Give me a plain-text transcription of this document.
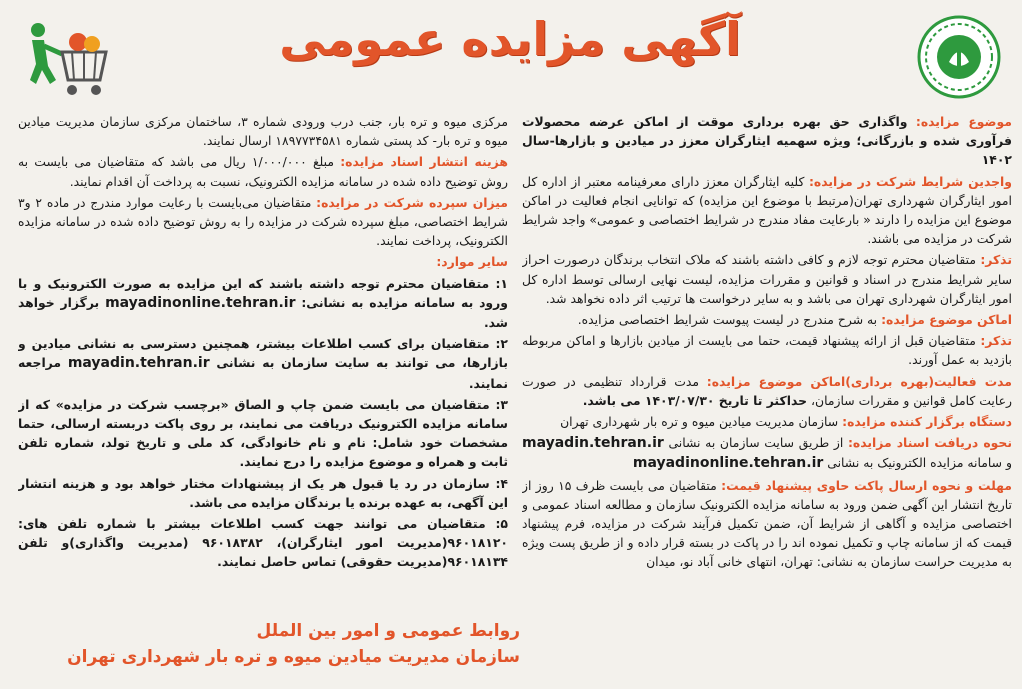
آگهی مزایده عمومی

موضوع مزایده: واگذاری حق بهره برداری موقت از اماکن عرضه محصولات فرآوری شده و بازرگانی؛ ویژه سهمیه ایثارگران معزز در میادین و بازارها-سال ۱۴۰۲

واجدین شرایط شرکت در مزایده: کلیه ایثارگران معزز دارای معرفینامه معتبر از اداره کل امور ایثارگران شهرداری تهران(مرتبط با موضوع این مزایده) که توانایی انجام فعالیت در اماکن موضوع این مزایده را دارند « بارعایت مفاد مندرج در شرایط اختصاصی و عمومی» واجد شرایط شرکت در مزایده می باشند.

تذکر: متقاضیان محترم توجه لازم و کافی داشته باشند که ملاک انتخاب برندگان درصورت احراز سایر شرایط مندرج در اسناد و قوانین و مقررات مزایده، لیست نهایی ارسالی توسط اداره کل امور ایثارگران شهرداری تهران می باشد و به سایر درخواست ها ترتیب اثر داده نخواهد شد.

اماکن موضوع مزایده: به شرح مندرج در لیست پیوست شرایط اختصاصی مزایده.

تذکر: متقاضیان قبل از ارائه پیشنهاد قیمت، حتما می بایست از میادین بازارها و اماکن مربوطه بازدید به عمل آورند.

مدت فعالیت(بهره برداری)اماکن موضوع مزایده: مدت قرارداد تنظیمی در صورت رعایت کامل قوانین و مقررات سازمان، حداکثر تا تاریخ ۱۴۰۳/۰۷/۳۰ می باشد.

دستگاه برگزار کننده مزایده: سازمان مدیریت میادین میوه و تره بار شهرداری تهران

نحوه دریافت اسناد مزایده: از طریق سایت سازمان به نشانی mayadin.tehran.ir و سامانه مزایده الکترونیک به نشانی mayadinonline.tehran.ir

مهلت و نحوه ارسال پاکت حاوی پیشنهاد قیمت: متقاضیان می بایست ظرف ۱۵ روز از تاریخ انتشار این آگهی ضمن ورود به سامانه مزایده الکترونیک سازمان و مطالعه اسناد عمومی و اختصاصی مزایده و آگاهی از شرایط آن، ضمن تکمیل فرآیند شرکت در مزایده، فرم پیشنهاد قیمت که از سامانه چاپ و تکمیل نموده اند را در پاکت در بسته قرار داده و از طریق پست ویژه به مدیریت حراست سازمان به نشانی: تهران، انتهای خانی آباد نو، میدان

مرکزی میوه و تره بار، جنب درب ورودی شماره ۳، ساختمان مرکزی سازمان مدیریت میادین میوه و تره بار- کد پستی شماره ۱۸۹۷۷۳۴۵۸۱ ارسال نمایند.

هزینه انتشار اسناد مزایده: مبلغ ۱/۰۰۰/۰۰۰ ریال می باشد که متقاضیان می بایست به روش توضیح داده شده در سامانه مزایده الکترونیک، نسبت به پرداخت آن اقدام نمایند.

میزان سپرده شرکت در مزایده: متقاضیان می‌بایست با رعایت موارد مندرج در ماده ۲ و۳ شرایط اختصاصی، مبلغ سپرده شرکت در مزایده را به روش توضیح داده شده در سامانه مزایده الکترونیک، پرداخت نمایند.

سایر موارد:

۱: متقاضیان محترم توجه داشته باشند که این مزایده به صورت الکترونیک و با ورود به سامانه مزایده به نشانی: mayadinonline.tehran.ir برگزار خواهد شد.

۲: متقاضیان برای کسب اطلاعات بیشتر، همچنین دسترسی به نشانی میادین و بازارها، می توانند به سایت سازمان به نشانی mayadin.tehran.ir مراجعه نمایند.

۳: متقاضیان می بایست ضمن چاپ و الصاق «برچسب شرکت در مزایده» که از سامانه مزایده الکترونیک دریافت می نمایند، بر روی پاکت دربسته ارسالی، حتما مشخصات خود شامل: نام و نام خانوادگی، کد ملی و تاریخ تولد، شماره تلفن ثابت و همراه و موضوع مزایده را درج نمایند.

۴: سازمان در رد یا قبول هر یک از پیشنهادات مختار خواهد بود و هزینه انتشار این آگهی، به عهده برنده یا برندگان مزایده می باشد.

۵: متقاضیان می توانند جهت کسب اطلاعات بیشتر با شماره تلفن های: ۹۶۰۱۸۱۲۰(مدیریت امور ایثارگران)، ۹۶۰۱۸۳۸۲ (مدیریت واگذاری)و تلفن ۹۶۰۱۸۱۳۴(مدیریت حقوقی) تماس حاصل نمایند.

روابط عمومی و امور بین الملل
سازمان مدیریت میادین میوه و تره بار شهرداری تهران
